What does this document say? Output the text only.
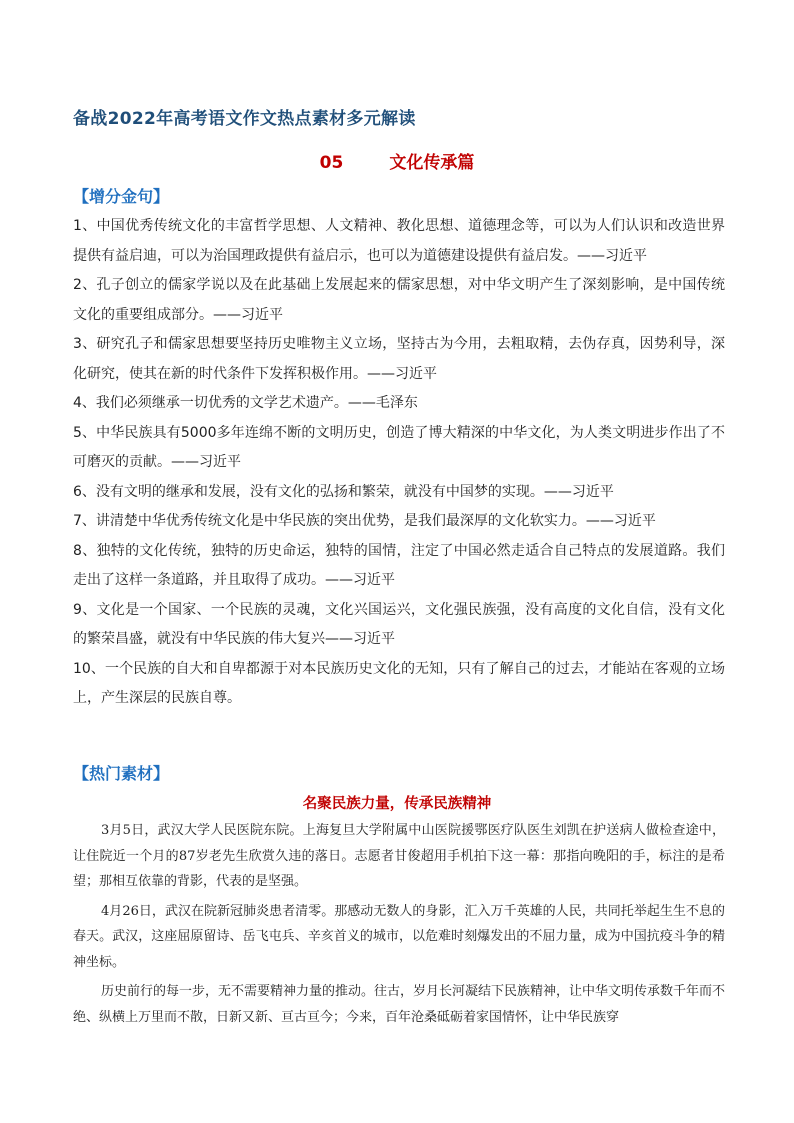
备战2022年高考语文作文热点素材多元解读
05	文化传承篇
【增分金句】
1、中国优秀传统文化的丰富哲学思想、人文精神、教化思想、道德理念等，可以为人们认识和改造世界提供有益启迪，可以为治国理政提供有益启示，也可以为道德建设提供有益启发。——习近平
2、孔子创立的儒家学说以及在此基础上发展起来的儒家思想，对中华文明产生了深刻影响，是中国传统文化的重要组成部分。——习近平
3、研究孔子和儒家思想要坚持历史唯物主义立场，坚持古为今用，去粗取精，去伪存真，因势利导，深化研究，使其在新的时代条件下发挥积极作用。——习近平
4、我们必须继承一切优秀的文学艺术遗产。——毛泽东
5、中华民族具有5000多年连绵不断的文明历史，创造了博大精深的中华文化，为人类文明进步作出了不可磨灭的贡献。——习近平
6、没有文明的继承和发展，没有文化的弘扬和繁荣，就没有中国梦的实现。——习近平
7、讲清楚中华优秀传统文化是中华民族的突出优势，是我们最深厚的文化软实力。——习近平
8、独特的文化传统，独特的历史命运，独特的国情，注定了中国必然走适合自己特点的发展道路。我们走出了这样一条道路，并且取得了成功。——习近平
9、文化是一个国家、一个民族的灵魂，文化兴国运兴，文化强民族强，没有高度的文化自信，没有文化的繁荣昌盛，就没有中华民族的伟大复兴——习近平
10、一个民族的自大和自卑都源于对本民族历史文化的无知，只有了解自己的过去，才能站在客观的立场上，产生深层的民族自尊。
【热门素材】
名聚民族力量，传承民族精神

3月5日，武汉大学人民医院东院。上海复旦大学附属中山医院援鄂医疗队医生刘凯在护送病人做检查途中，让住院近一个月的87岁老先生欣赏久违的落日。志愿者甘俊超用手机拍下这一幕：那指向晚阳的手，标注的是希望；那相互依靠的背影，代表的是坚强。

4月26日，武汉在院新冠肺炎患者清零。那感动无数人的身影，汇入万千英雄的人民，共同托举起生生不息的春天。武汉，这座屈原留诗、岳飞屯兵、辛亥首义的城市，以危难时刻爆发出的不屈力量，成为中国抗疫斗争的精神坐标。

历史前行的每一步，无不需要精神力量的推动。往古，岁月长河凝结下民族精神，让中华文明传承数千年而不绝、纵横上万里而不散，日新又新、亘古亘今；今来，百年沧桑砥砺着家国情怀，让中华民族穿
